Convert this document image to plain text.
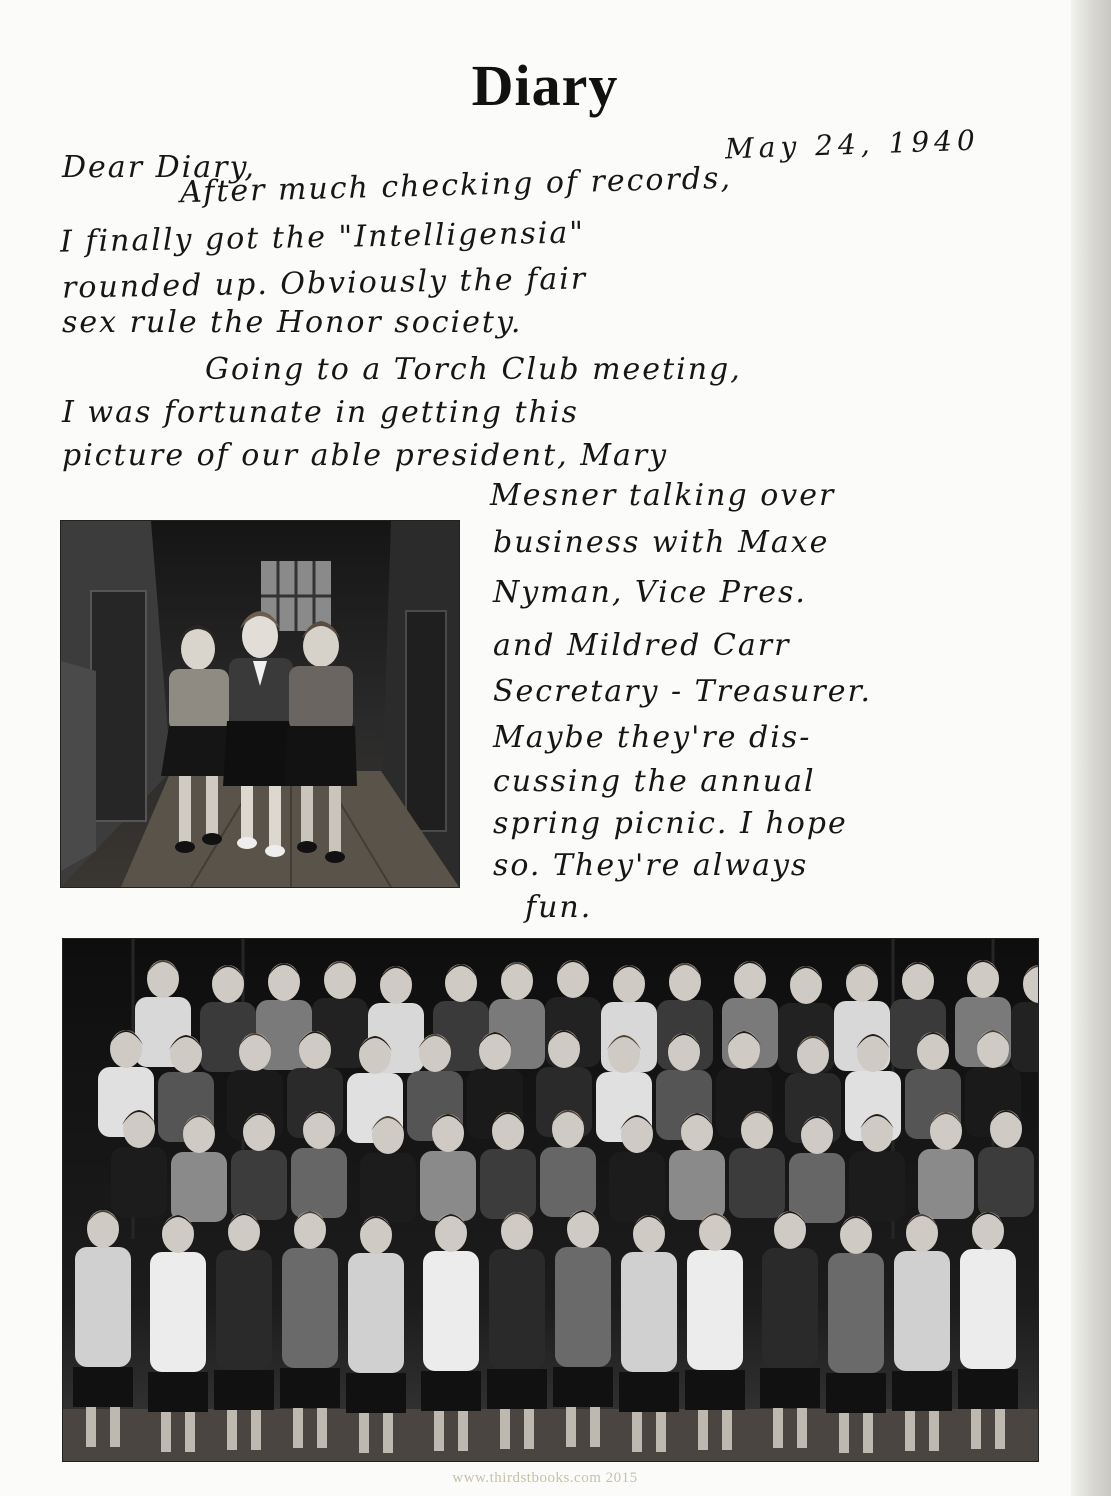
Diary
May 24, 1940
Dear Diary,
After much checking of records,
I finally got the "Intelligensia"
rounded up. Obviously the fair
sex rule the Honor society.
Going to a Torch Club meeting,
I was fortunate in getting this
picture of our able president, Mary
Mesner talking over
business with Maxe
Nyman, Vice Pres.
and Mildred Carr
Secretary - Treasurer.
Maybe they're dis-
cussing the annual
spring picnic. I hope
so. They're always
fun.
www.thirdstbooks.com 2015
